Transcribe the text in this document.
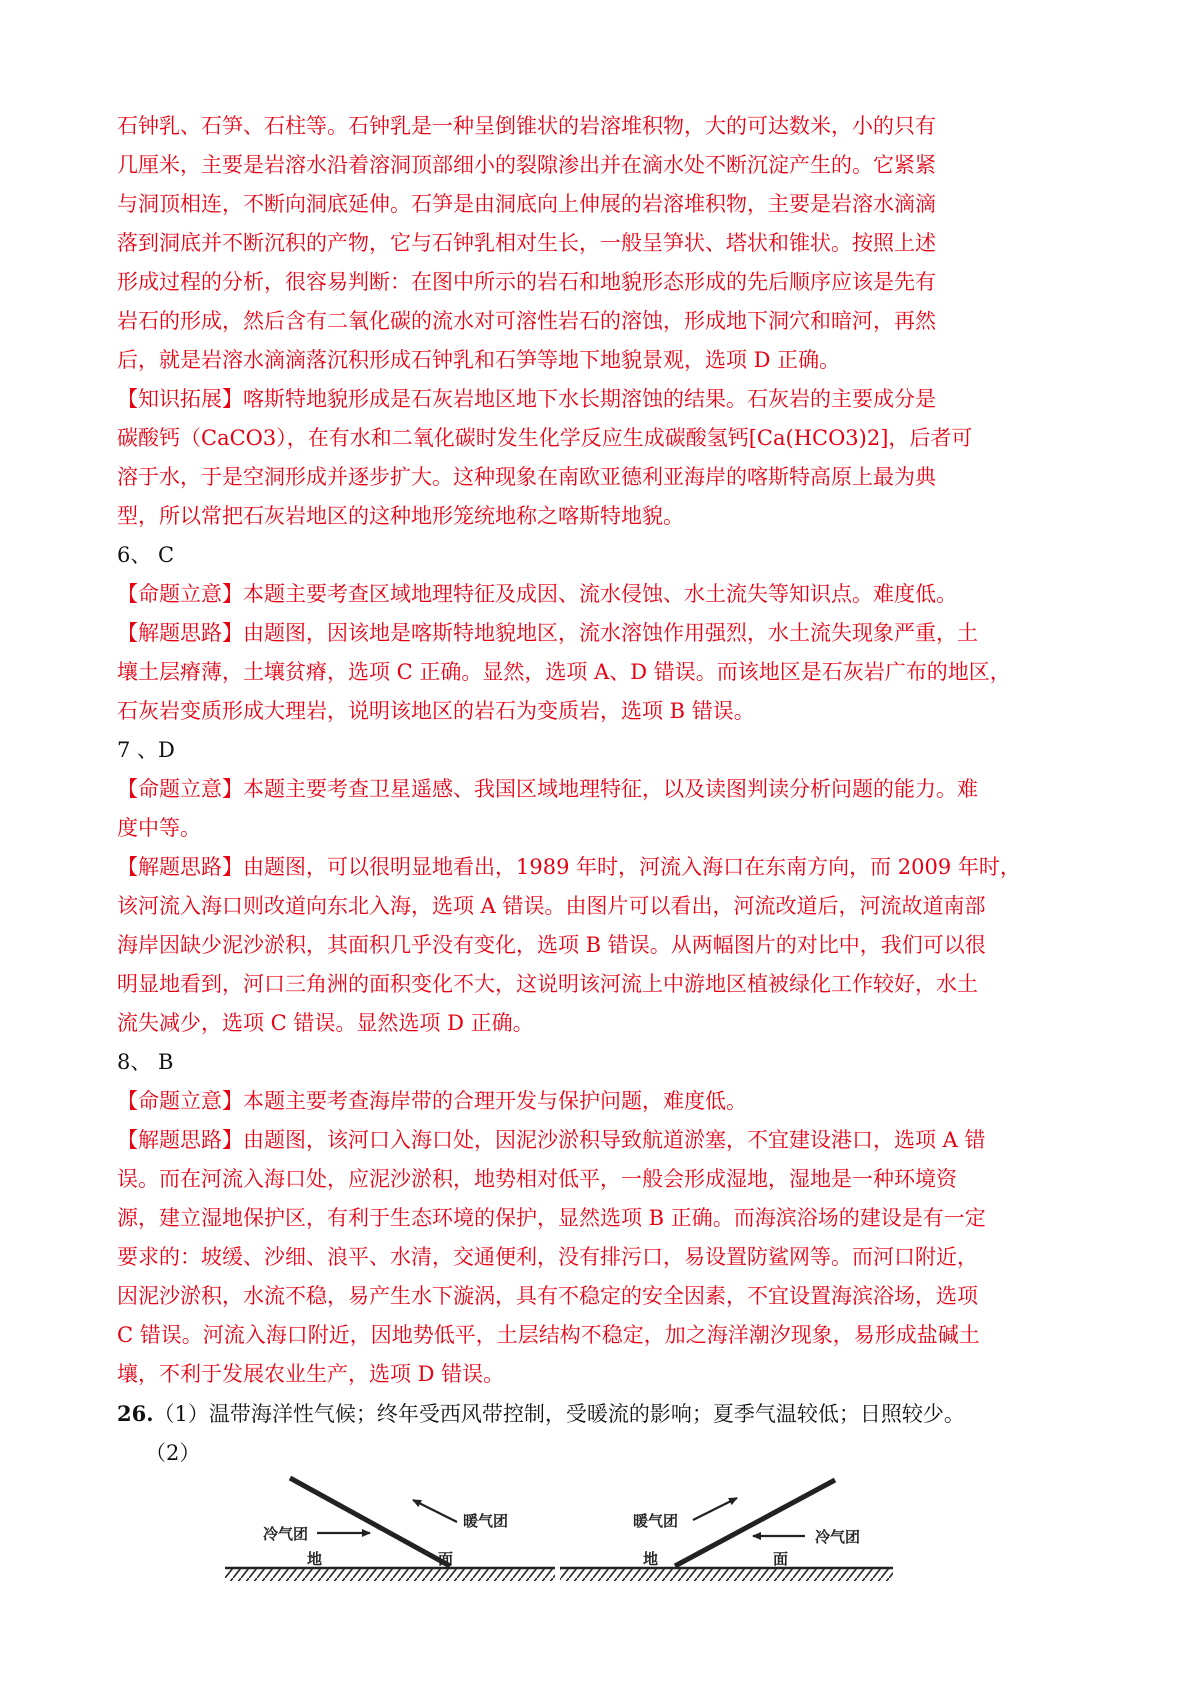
石钟乳、石笋、石柱等。石钟乳是一种呈倒锥状的岩溶堆积物，大的可达数米，小的只有
几厘米，主要是岩溶水沿着溶洞顶部细小的裂隙渗出并在滴水处不断沉淀产生的。它紧紧
与洞顶相连，不断向洞底延伸。石笋是由洞底向上伸展的岩溶堆积物，主要是岩溶水滴滴
落到洞底并不断沉积的产物，它与石钟乳相对生长，一般呈笋状、塔状和锥状。按照上述
形成过程的分析，很容易判断：在图中所示的岩石和地貌形态形成的先后顺序应该是先有
岩石的形成，然后含有二氧化碳的流水对可溶性岩石的溶蚀，形成地下洞穴和暗河，再然
后，就是岩溶水滴滴落沉积形成石钟乳和石笋等地下地貌景观，选项 D 正确。
【知识拓展】喀斯特地貌形成是石灰岩地区地下水长期溶蚀的结果。石灰岩的主要成分是
碳酸钙（CaCO3），在有水和二氧化碳时发生化学反应生成碳酸氢钙[Ca(HCO3)2]，后者可
溶于水，于是空洞形成并逐步扩大。这种现象在南欧亚德利亚海岸的喀斯特高原上最为典
型，所以常把石灰岩地区的这种地形笼统地称之喀斯特地貌。
6、 C
【命题立意】本题主要考查区域地理特征及成因、流水侵蚀、水土流失等知识点。难度低。
【解题思路】由题图，因该地是喀斯特地貌地区，流水溶蚀作用强烈，水土流失现象严重，土
壤土层瘠薄，土壤贫瘠，选项 C 正确。显然，选项 A、D 错误。而该地区是石灰岩广布的地区，
石灰岩变质形成大理岩，说明该地区的岩石为变质岩，选项 B 错误。
7 、D
【命题立意】本题主要考查卫星遥感、我国区域地理特征，以及读图判读分析问题的能力。难
度中等。
【解题思路】由题图，可以很明显地看出，1989 年时，河流入海口在东南方向，而 2009 年时，
该河流入海口则改道向东北入海，选项 A 错误。由图片可以看出，河流改道后，河流故道南部
海岸因缺少泥沙淤积，其面积几乎没有变化，选项 B 错误。从两幅图片的对比中，我们可以很
明显地看到，河口三角洲的面积变化不大，这说明该河流上中游地区植被绿化工作较好，水土
流失减少，选项 C 错误。显然选项 D 正确。
8、 B
【命题立意】本题主要考查海岸带的合理开发与保护问题，难度低。
【解题思路】由题图，该河口入海口处，因泥沙淤积导致航道淤塞，不宜建设港口，选项 A 错
误。而在河流入海口处，应泥沙淤积，地势相对低平，一般会形成湿地，湿地是一种环境资
源，建立湿地保护区，有利于生态环境的保护，显然选项 B 正确。而海滨浴场的建设是有一定
要求的：坡缓、沙细、浪平、水清，交通便利，没有排污口，易设置防鲨网等。而河口附近，
因泥沙淤积，水流不稳，易产生水下漩涡，具有不稳定的安全因素，不宜设置海滨浴场，选项
C 错误。河流入海口附近，因地势低平，土层结构不稳定，加之海洋潮汐现象，易形成盐碱土
壤，不利于发展农业生产，选项 D 错误。
26.（1）温带海洋性气候；终年受西风带控制，受暖流的影响；夏季气温较低；日照较少。
（2）
冷气团
暖气团
地	面
暖气团
冷气团
地	面
